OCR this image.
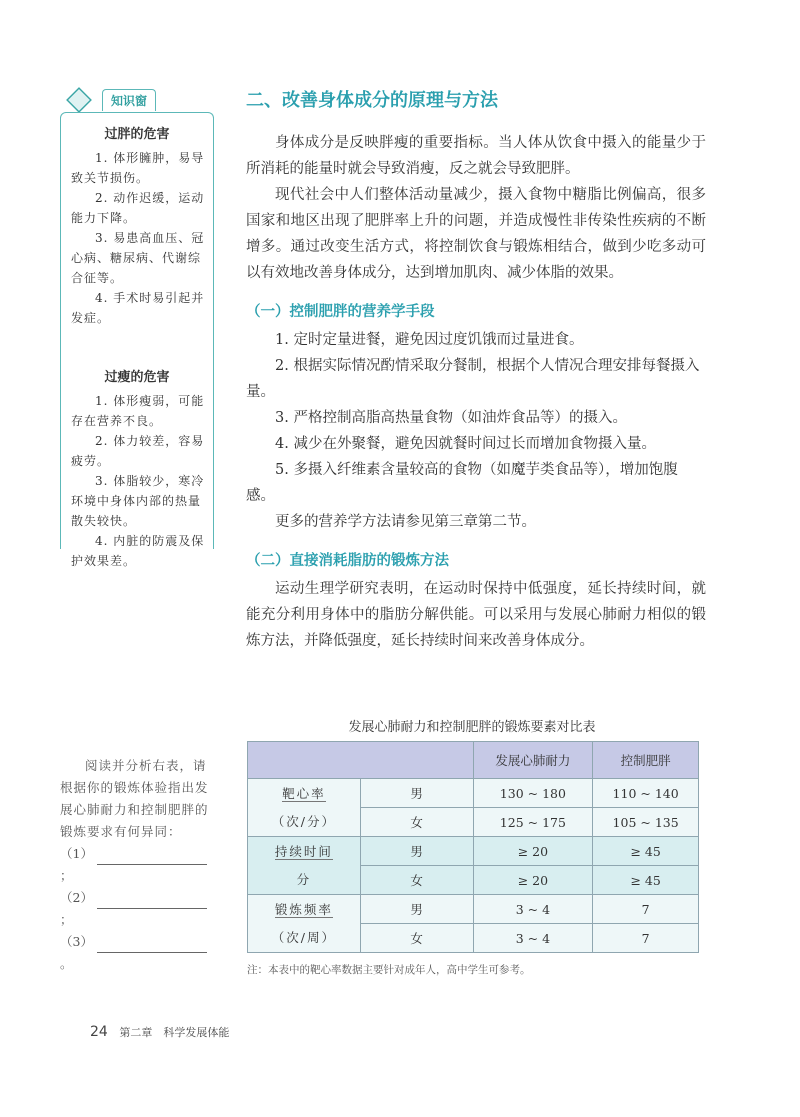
知识窗
过胖的危害
1. 体形臃肿，易导致关节损伤。
2. 动作迟缓，运动能力下降。
3. 易患高血压、冠心病、糖尿病、代谢综合征等。
4. 手术时易引起并发症。
过瘦的危害
1. 体形瘦弱，可能存在营养不良。
2. 体力较差，容易疲劳。
3. 体脂较少，寒冷环境中身体内部的热量散失较快。
4. 内脏的防震及保护效果差。
二、改善身体成分的原理与方法

身体成分是反映胖瘦的重要指标。当人体从饮食中摄入的能量少于所消耗的能量时就会导致消瘦，反之就会导致肥胖。

现代社会中人们整体活动量减少，摄入食物中糖脂比例偏高，很多国家和地区出现了肥胖率上升的问题，并造成慢性非传染性疾病的不断增多。通过改变生活方式，将控制饮食与锻炼相结合，做到少吃多动可以有效地改善身体成分，达到增加肌肉、减少体脂的效果。

（一）控制肥胖的营养学手段

1. 定时定量进餐，避免因过度饥饿而过量进食。

2. 根据实际情况酌情采取分餐制，根据个人情况合理安排每餐摄入量。

3. 严格控制高脂高热量食物（如油炸食品等）的摄入。

4. 减少在外聚餐，避免因就餐时间过长而增加食物摄入量。

5. 多摄入纤维素含量较高的食物（如魔芋类食品等），增加饱腹感。

更多的营养学方法请参见第三章第二节。

（二）直接消耗脂肪的锻炼方法

运动生理学研究表明，在运动时保持中低强度，延长持续时间，就能充分利用身体中的脂肪分解供能。可以采用与发展心肺耐力相似的锻炼方法，并降低强度，延长持续时间来改善身体成分。

发展心肺耐力和控制肥胖的锻炼要素对比表
		发展心肺耐力	控制肥胖
靶心率
（次/分）	男	130 ~ 180	110 ~ 140
	女	125 ~ 175	105 ~ 135
持续时间
分	男	≥ 20	≥ 45
	女	≥ 20	≥ 45
锻炼频率
（次/周）	男	3 ~ 4	7
	女	3 ~ 4	7
注：本表中的靶心率数据主要针对成年人，高中学生可参考。
阅读并分析右表，请根据你的锻炼体验指出发展心肺耐力和控制肥胖的锻炼要求有何异同：
（1）；
（2）；
（3）。
24 第二章　科学发展体能
